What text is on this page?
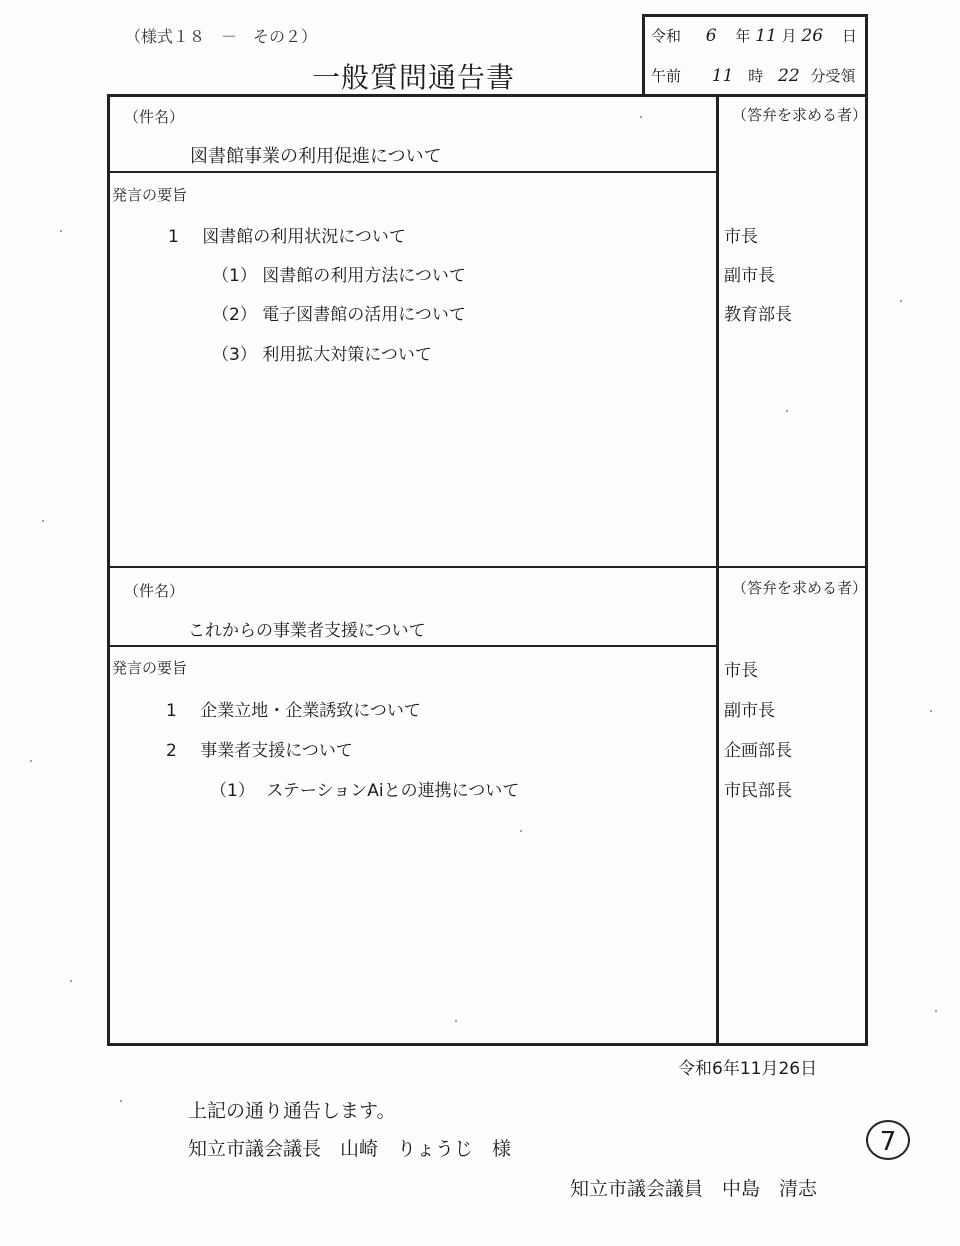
（様式１８　－　その２）
一般質問通告書
令和 6 年 11 月 26 日
午前 11 時 22 分受領
（件名）	（答弁を求める者）
図書館事業の利用促進について
発言の要旨
1 図書館の利用状況について
（1） 図書館の利用方法について
（2） 電子図書館の活用について
（3） 利用拡大対策について
市長
副市長
教育部長
（件名）	（答弁を求める者）
これからの事業者支援について
発言の要旨
1 企業立地・企業誘致について
2 事業者支援について
（1） ステーションAiとの連携について
市長
副市長
企画部長
市民部長
令和6年11月26日
上記の通り通告します。
知立市議会議長　山崎　りょうじ　様
知立市議会議員　中島　清志
7
